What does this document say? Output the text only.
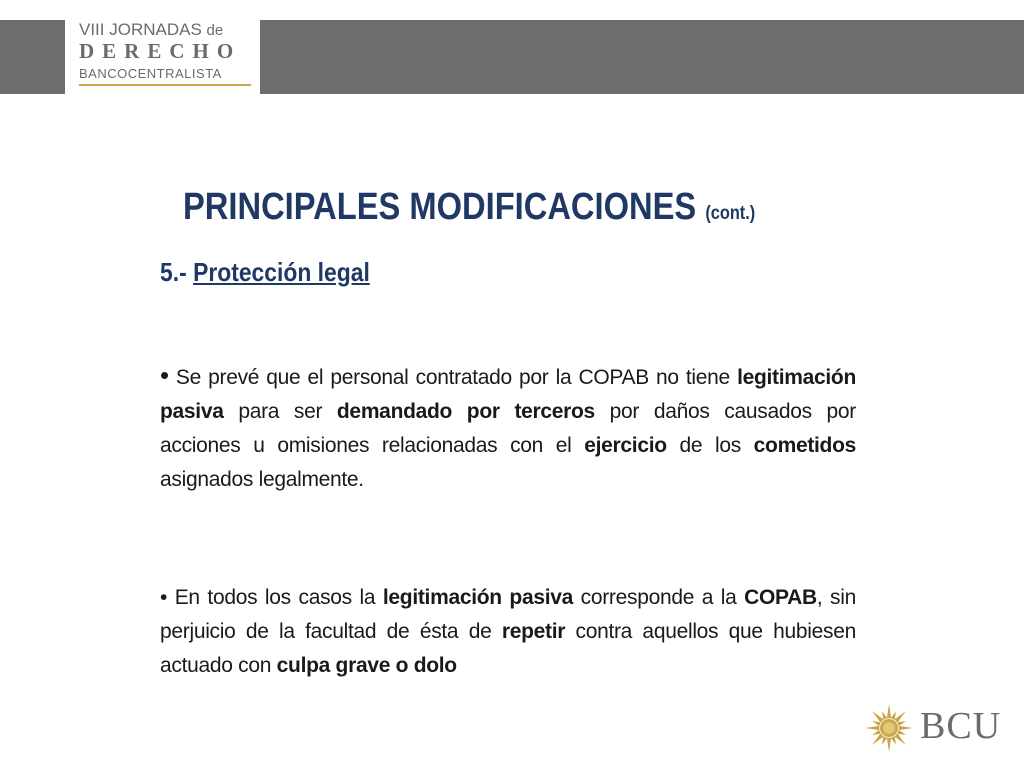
VIII JORNADAS de
DERECHO
BANCOCENTRALISTA
PRINCIPALES MODIFICACIONES (cont.)
5.- Protección legal

• Se prevé que el personal contratado por la COPAB no tiene legitimación pasiva para ser demandado por terceros por daños causados por acciones u omisiones relacionadas con el ejercicio de los cometidos asignados legalmente.

• En todos los casos la legitimación pasiva corresponde a la COPAB, sin perjuicio de la facultad de ésta de repetir contra aquellos que hubiesen actuado con culpa grave o dolo

BCU
